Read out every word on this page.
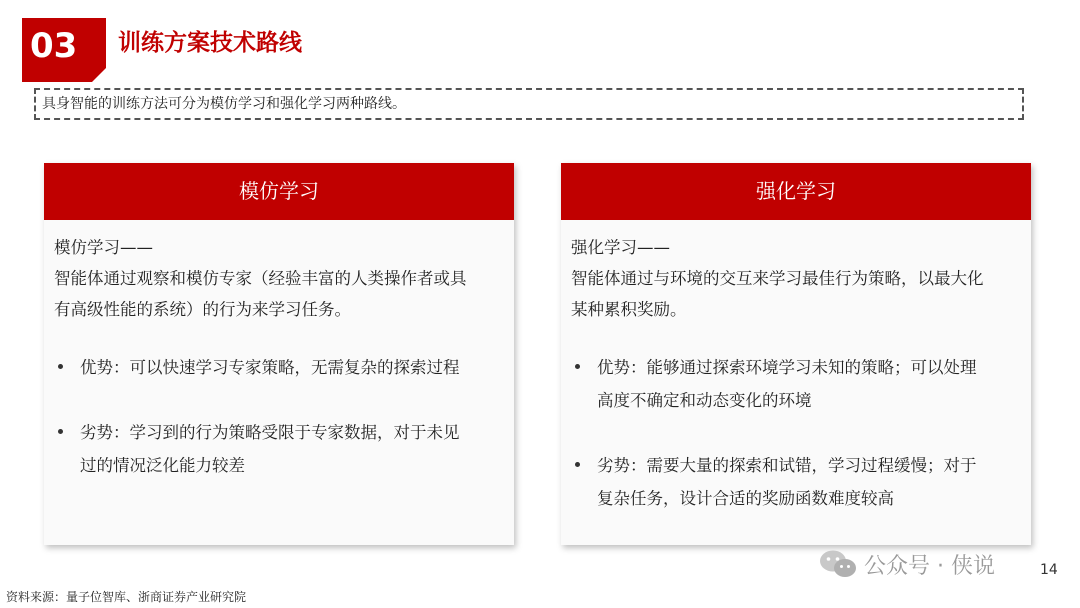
03 训练方案技术路线
具身智能的训练方法可分为模仿学习和强化学习两种路线。
模仿学习
模仿学习——
智能体通过观察和模仿专家（经验丰富的人类操作者或具
有高级性能的系统）的行为来学习任务。
优势：可以快速学习专家策略，无需复杂的探索过程
劣势：学习到的行为策略受限于专家数据，对于未见
过的情况泛化能力较差
强化学习
强化学习——
智能体通过与环境的交互来学习最佳行为策略，以最大化
某种累积奖励。
优势：能够通过探索环境学习未知的策略；可以处理
高度不确定和动态变化的环境
劣势：需要大量的探索和试错，学习过程缓慢；对于
复杂任务，设计合适的奖励函数难度较高
资料来源：量子位智库、浙商证券产业研究院
公众号 · 侠说	14
